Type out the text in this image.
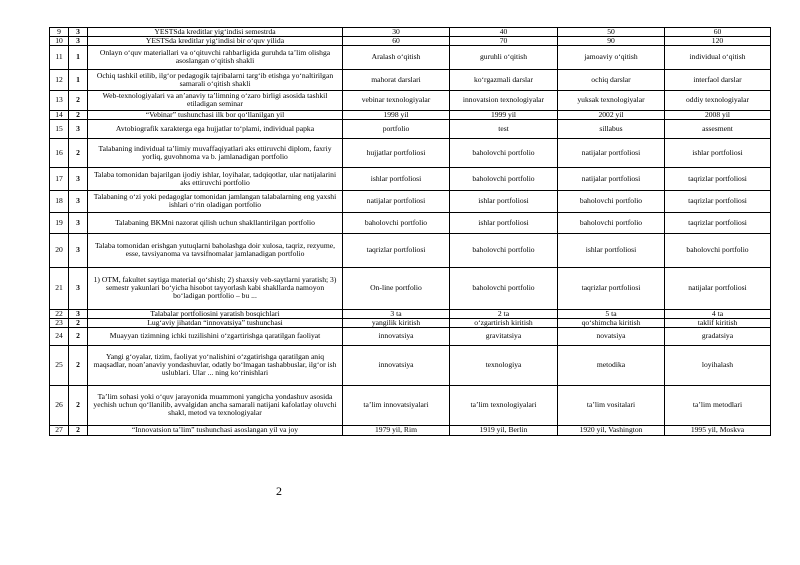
9	3	YESTSda kreditlar yig‘indisi semestrda	30	40	50	60
10	3	YESTSda kreditlar yig‘indisi bir o‘quv yilida	60	70	90	120
11	1	Onlayn o‘quv materiallari va o‘qituvchi rahbarligida guruhda ta’lim olishga asoslangan o‘qitish shakli	Aralash o‘qitish	guruhli o‘qitish	jamoaviy o‘qitish	individual o‘qitish
12	1	Ochiq tashkil etilib, ilg‘or pedagogik tajribalarni targ‘ib etishga yo‘naltirilgan samarali o‘qitish shakli	mahorat darslari	ko‘rgazmali darslar	ochiq darslar	interfaol darslar
13	2	Web-texnologiyalari va an’anaviy ta’limning o‘zaro birligi asosida tashkil etiladigan seminar	vebinar texnologiyalar	innovatsion texnologiyalar	yuksak texnologiyalar	oddiy texnologiyalar
14	2	“Vebinar” tushunchasi ilk bor qo‘llanilgan yil	1998 yil	1999 yil	2002 yil	2008 yil
15	3	Avtobiografik xarakterga ega hujjatlar to‘plami, individual papka	portfolio	test	sillabus	assesment
16	2	Talabaning individual ta’limiy muvaffaqiyatlari aks ettiruvchi diplom, faxriy yorliq, guvohnoma va b. jamlanadigan portfolio	hujjatlar portfoliosi	baholovchi portfolio	natijalar portfoliosi	ishlar portfoliosi
17	3	Talaba tomonidan bajarilgan ijodiy ishlar, loyihalar, tadqiqotlar, ular natijalarini aks ettiruvchi portfolio	ishlar portfoliosi	baholovchi portfolio	natijalar portfoliosi	taqrizlar portfoliosi
18	3	Talabaning o‘zi yoki pedagoglar tomonidan jamlangan talabalarning eng yaxshi ishlari o‘rin oladigan portfolio	natijalar portfoliosi	ishlar portfoliosi	baholovchi portfolio	taqrizlar portfoliosi
19	3	Talabaning BKMni nazorat qilish uchun shakllantirilgan portfolio	baholovchi portfolio	ishlar portfoliosi	baholovchi portfolio	taqrizlar portfoliosi
20	3	Talaba tomonidan erishgan yutuqlarni baholashga doir xulosa, taqriz, rezyume, esse, tavsiyanoma va tavsifnomalar jamlanadigan portfolio	taqrizlar portfoliosi	baholovchi portfolio	ishlar portfoliosi	baholovchi portfolio
21	3	1) OTM, fakultet saytiga material qo‘shish; 2) shaxsiy veb-saytlarni yaratish; 3) semestr yakunlari bo‘yicha hisobot tayyorlash kabi shakllarda namoyon bo‘ladigan portfolio – bu ...	On-line portfolio	baholovchi portfolio	taqrizlar portfoliosi	natijalar portfoliosi
22	3	Talabalar portfoliosini yaratish bosqichlari	3 ta	2 ta	5 ta	4 ta
23	2	Lug‘aviy jihatdan “innovatsiya” tushunchasi	yangilik kiritish	o‘zgartirish kiritish	qo‘shimcha kiritish	taklif kiritish
24	2	Muayyan tizimning ichki tuzilishini o‘zgartirishga qaratilgan faoliyat	innovatsiya	gravitatsiya	novatsiya	gradatsiya
25	2	Yangi g‘oyalar, tizim, faoliyat yo‘nalishini o‘zgatirishga qaratilgan aniq maqsadlar, noan’anaviy yondashuvlar, odatly bo‘lmagan tashabbuslar, ilg‘or ish uslublari. Ular ... ning ko‘rinishlari	innovatsiya	texnologiya	metodika	loyihalash
26	2	Ta’lim sohasi yoki o‘quv jarayonida muammoni yangicha yondashuv asosida yechish uchun qo‘llanilib, avvalgidan ancha samarali natijani kafolatlay oluvchi shakl, metod va texnologiyalar	ta’lim innovatsiyalari	ta’lim texnologiyalari	ta’lim vositalari	ta’lim metodlari
27	2	“Innovatsion ta’lim” tushunchasi asoslangan yil va joy	1979 yil, Rim	1919 yil, Berlin	1920 yil, Vashington	1995 yil, Moskva
2
